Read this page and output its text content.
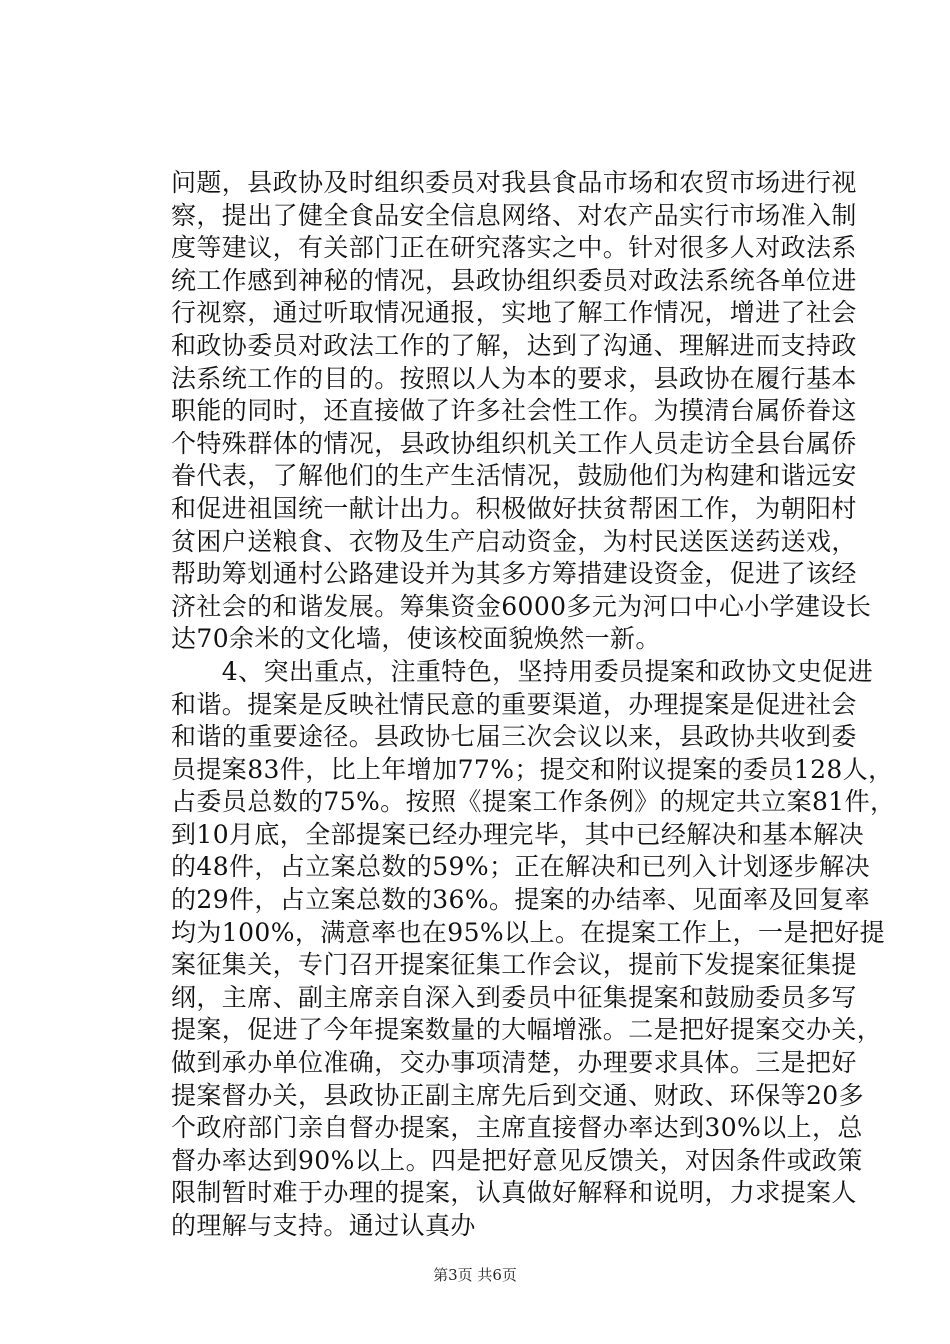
问题，县政协及时组织委员对我县食品市场和农贸市场进行视
察，提出了健全食品安全信息网络、对农产品实行市场准入制
度等建议，有关部门正在研究落实之中。针对很多人对政法系
统工作感到神秘的情况，县政协组织委员对政法系统各单位进
行视察，通过听取情况通报，实地了解工作情况，增进了社会
和政协委员对政法工作的了解，达到了沟通、理解进而支持政
法系统工作的目的。按照以人为本的要求，县政协在履行基本
职能的同时，还直接做了许多社会性工作。为摸清台属侨眷这
个特殊群体的情况，县政协组织机关工作人员走访全县台属侨
眷代表，了解他们的生产生活情况，鼓励他们为构建和谐远安
和促进祖国统一献计出力。积极做好扶贫帮困工作，为朝阳村
贫困户送粮食、衣物及生产启动资金，为村民送医送药送戏，
帮助筹划通村公路建设并为其多方筹措建设资金，促进了该经
济社会的和谐发展。筹集资金6000多元为河口中心小学建设长
达70余米的文化墙，使该校面貌焕然一新。
　　4、突出重点，注重特色，坚持用委员提案和政协文史促进
和谐。提案是反映社情民意的重要渠道，办理提案是促进社会
和谐的重要途径。县政协七届三次会议以来，县政协共收到委
员提案83件，比上年增加77%；提交和附议提案的委员128人，
占委员总数的75%。按照《提案工作条例》的规定共立案81件，
到10月底，全部提案已经办理完毕，其中已经解决和基本解决
的48件，占立案总数的59%；正在解决和已列入计划逐步解决
的29件，占立案总数的36%。提案的办结率、见面率及回复率
均为100%，满意率也在95%以上。在提案工作上，一是把好提
案征集关，专门召开提案征集工作会议，提前下发提案征集提
纲，主席、副主席亲自深入到委员中征集提案和鼓励委员多写
提案，促进了今年提案数量的大幅增涨。二是把好提案交办关，
做到承办单位准确，交办事项清楚，办理要求具体。三是把好
提案督办关，县政协正副主席先后到交通、财政、环保等20多
个政府部门亲自督办提案，主席直接督办率达到30%以上，总
督办率达到90%以上。四是把好意见反馈关，对因条件或政策
限制暂时难于办理的提案，认真做好解释和说明，力求提案人
的理解与支持。通过认真办
第3页 共6页
